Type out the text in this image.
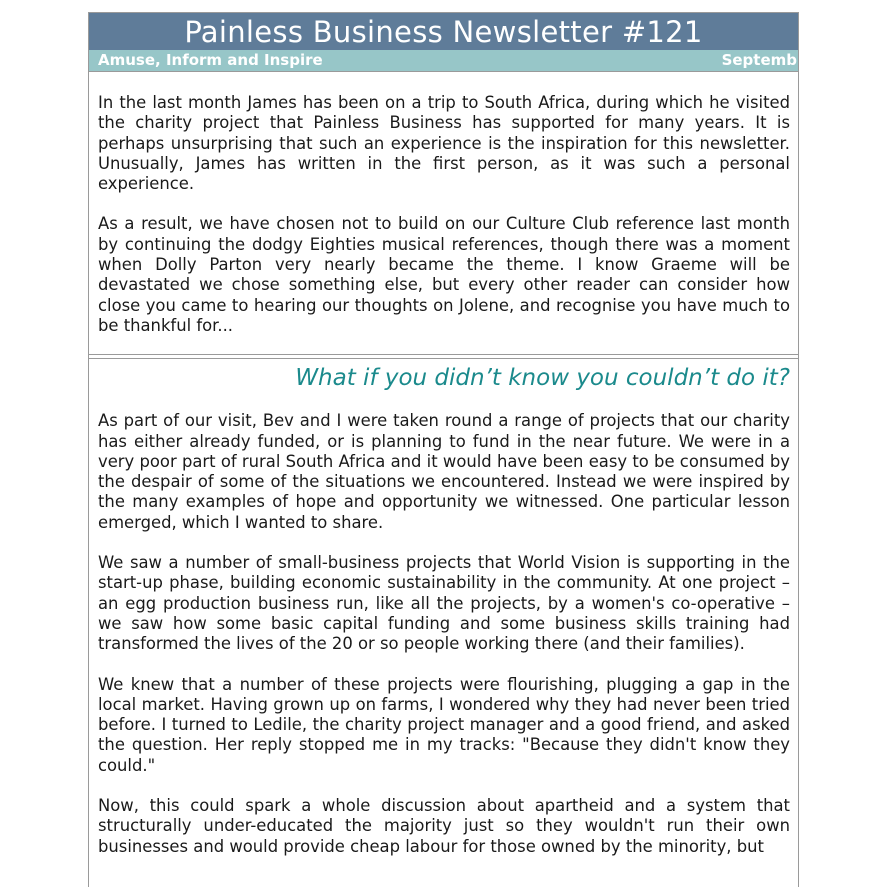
Painless Business Newsletter #121
Amuse, Inform and Inspire	Septemb

In the last month James has been on a trip to South Africa, during which he visited the charity project that Painless Business has supported for many years. It is perhaps unsurprising that such an experience is the inspiration for this newsletter. Unusually, James has written in the first person, as it was such a personal experience.

As a result, we have chosen not to build on our Culture Club reference last month by continuing the dodgy Eighties musical references, though there was a moment when Dolly Parton very nearly became the theme. I know Graeme will be devastated we chose something else, but every other reader can consider how close you came to hearing our thoughts on Jolene, and recognise you have much to be thankful for...

What if you didn’t know you couldn’t do it?

As part of our visit, Bev and I were taken round a range of projects that our charity has either already funded, or is planning to fund in the near future. We were in a very poor part of rural South Africa and it would have been easy to be consumed by the despair of some of the situations we encountered. Instead we were inspired by the many examples of hope and opportunity we witnessed. One particular lesson emerged, which I wanted to share.

We saw a number of small-business projects that World Vision is supporting in the start-up phase, building economic sustainability in the community. At one project – an egg production business run, like all the projects, by a women's co-operative – we saw how some basic capital funding and some business skills training had transformed the lives of the 20 or so people working there (and their families).

We knew that a number of these projects were flourishing, plugging a gap in the local market. Having grown up on farms, I wondered why they had never been tried before. I turned to Ledile, the charity project manager and a good friend, and asked the question. Her reply stopped me in my tracks: "Because they didn't know they could."

Now, this could spark a whole discussion about apartheid and a system that structurally under-educated the majority just so they wouldn't run their own businesses and would provide cheap labour for those owned by the minority, but
